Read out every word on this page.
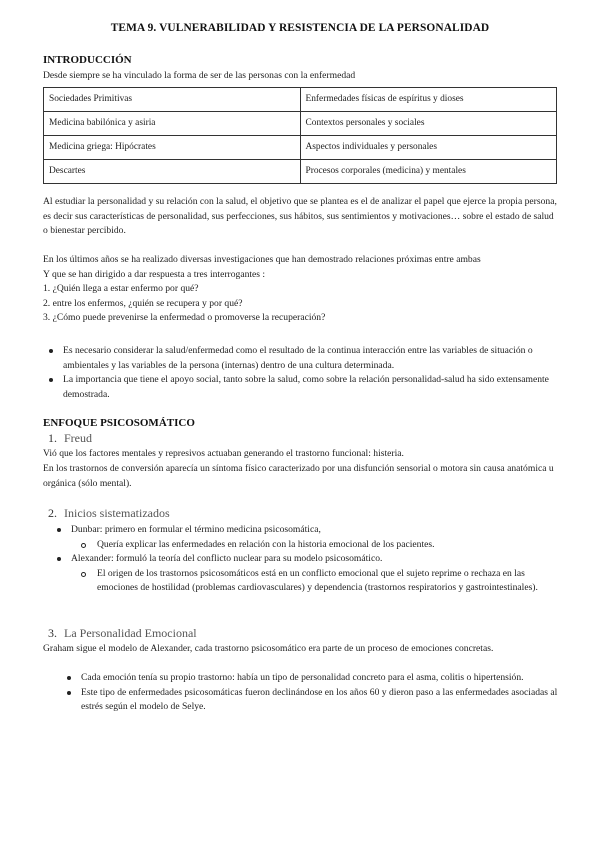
TEMA 9. VULNERABILIDAD Y RESISTENCIA DE LA PERSONALIDAD
INTRODUCCIÓN
Desde siempre se ha vinculado la forma de ser de las personas con la enfermedad
Sociedades Primitivas	Enfermedades físicas de espíritus y dioses
Medicina babilónica y asiria	Contextos personales y sociales
Medicina griega: Hipócrates	Aspectos individuales y personales
Descartes	Procesos corporales (medicina) y mentales
Al estudiar la personalidad y su relación con la salud, el objetivo que se plantea es el de analizar el papel que ejerce la propia persona, es decir sus características de personalidad, sus perfecciones, sus hábitos, sus sentimientos y motivaciones… sobre el estado de salud o bienestar percibido.
En los últimos años se ha realizado diversas investigaciones que han demostrado relaciones próximas entre ambas
Y que se han dirigido a dar respuesta a tres interrogantes :
1. ¿Quién llega a estar enfermo por qué?
2. entre los enfermos, ¿quién se recupera y por qué?
3. ¿Cómo puede prevenirse la enfermedad o promoverse la recuperación?
Es necesario considerar la salud/enfermedad como el resultado de la continua interacción entre las variables de situación o ambientales y las variables de la persona (internas) dentro de una cultura determinada.
La importancia que tiene el apoyo social, tanto sobre la salud, como sobre la relación personalidad-salud ha sido extensamente demostrada.
ENFOQUE PSICOSOMÁTICO
1. Freud
Vió que los factores mentales y represivos actuaban generando el trastorno funcional: histeria.
En los trastornos de conversión aparecía un síntoma físico caracterizado por una disfunción sensorial o motora sin causa anatómica u orgánica (sólo mental).
2. Inicios sistematizados
Dunbar: primero en formular el término medicina psicosomática,
Quería explicar las enfermedades en relación con la historia emocional de los pacientes.
Alexander: formuló la teoría del conflicto nuclear para su modelo psicosomático.
El origen de los trastornos psicosomáticos está en un conflicto emocional que el sujeto reprime o rechaza en las emociones de hostilidad (problemas cardiovasculares) y dependencia (trastornos respiratorios y gastrointestinales).
3. La Personalidad Emocional
Graham sigue el modelo de Alexander, cada trastorno psicosomático era parte de un proceso de emociones concretas.
Cada emoción tenía su propio trastorno: había un tipo de personalidad concreto para el asma, colitis o hipertensión.
Este tipo de enfermedades psicosomáticas fueron declinándose en los años 60 y dieron paso a las enfermedades asociadas al estrés según el modelo de Selye.
